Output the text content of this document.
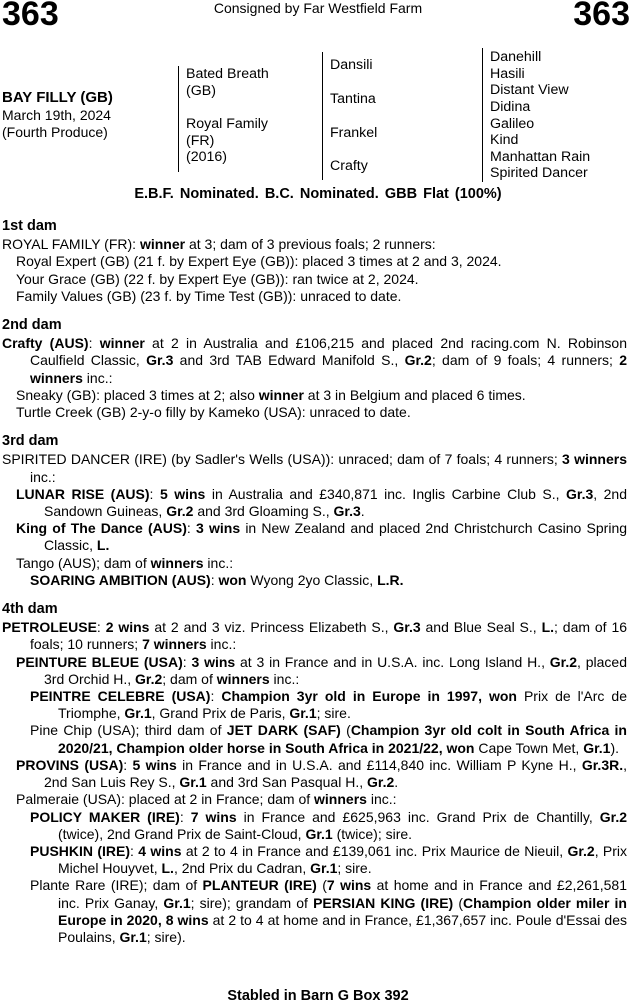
363	Consigned by Far Westfield Farm	363
BAY FILLY (GB)
March 19th, 2024
(Fourth Produce)
Bated Breath
(GB)
Royal Family
(FR)
(2016)
Dansili
Tantina
Frankel
Crafty
Danehill
Hasili
Distant View
Didina
Galileo
Kind
Manhattan Rain
Spirited Dancer
E.B.F. Nominated. B.C. Nominated. GBB Flat (100%)
1st dam
ROYAL FAMILY (FR): winner at 3; dam of 3 previous foals; 2 runners:
Royal Expert (GB) (21 f. by Expert Eye (GB)): placed 3 times at 2 and 3, 2024.
Your Grace (GB) (22 f. by Expert Eye (GB)): ran twice at 2, 2024.
Family Values (GB) (23 f. by Time Test (GB)): unraced to date.
2nd dam
Crafty (AUS): winner at 2 in Australia and £106,215 and placed 2nd racing.com N. Robinson Caulfield Classic, Gr.3 and 3rd TAB Edward Manifold S., Gr.2; dam of 9 foals; 4 runners; 2 winners inc.:
Sneaky (GB): placed 3 times at 2; also winner at 3 in Belgium and placed 6 times.
Turtle Creek (GB) 2-y-o filly by Kameko (USA): unraced to date.
3rd dam
SPIRITED DANCER (IRE) (by Sadler's Wells (USA)): unraced; dam of 7 foals; 4 runners; 3 winners inc.:
LUNAR RISE (AUS): 5 wins in Australia and £340,871 inc. Inglis Carbine Club S., Gr.3, 2nd Sandown Guineas, Gr.2 and 3rd Gloaming S., Gr.3.
King of The Dance (AUS): 3 wins in New Zealand and placed 2nd Christchurch Casino Spring Classic, L.
Tango (AUS); dam of winners inc.:
SOARING AMBITION (AUS): won Wyong 2yo Classic, L.R.
4th dam
PETROLEUSE: 2 wins at 2 and 3 viz. Princess Elizabeth S., Gr.3 and Blue Seal S., L.; dam of 16 foals; 10 runners; 7 winners inc.:
PEINTURE BLEUE (USA): 3 wins at 3 in France and in U.S.A. inc. Long Island H., Gr.2, placed 3rd Orchid H., Gr.2; dam of winners inc.:
PEINTRE CELEBRE (USA): Champion 3yr old in Europe in 1997, won Prix de l'Arc de Triomphe, Gr.1, Grand Prix de Paris, Gr.1; sire.
Pine Chip (USA); third dam of JET DARK (SAF) (Champion 3yr old colt in South Africa in 2020/21, Champion older horse in South Africa in 2021/22, won Cape Town Met, Gr.1).
PROVINS (USA): 5 wins in France and in U.S.A. and £114,840 inc. William P Kyne H., Gr.3R., 2nd San Luis Rey S., Gr.1 and 3rd San Pasqual H., Gr.2.
Palmeraie (USA): placed at 2 in France; dam of winners inc.:
POLICY MAKER (IRE): 7 wins in France and £625,963 inc. Grand Prix de Chantilly, Gr.2 (twice), 2nd Grand Prix de Saint-Cloud, Gr.1 (twice); sire.
PUSHKIN (IRE): 4 wins at 2 to 4 in France and £139,061 inc. Prix Maurice de Nieuil, Gr.2, Prix Michel Houyvet, L., 2nd Prix du Cadran, Gr.1; sire.
Plante Rare (IRE); dam of PLANTEUR (IRE) (7 wins at home and in France and £2,261,581 inc. Prix Ganay, Gr.1; sire); grandam of PERSIAN KING (IRE) (Champion older miler in Europe in 2020, 8 wins at 2 to 4 at home and in France, £1,367,657 inc. Poule d'Essai des Poulains, Gr.1; sire).
Stabled in Barn G Box 392
